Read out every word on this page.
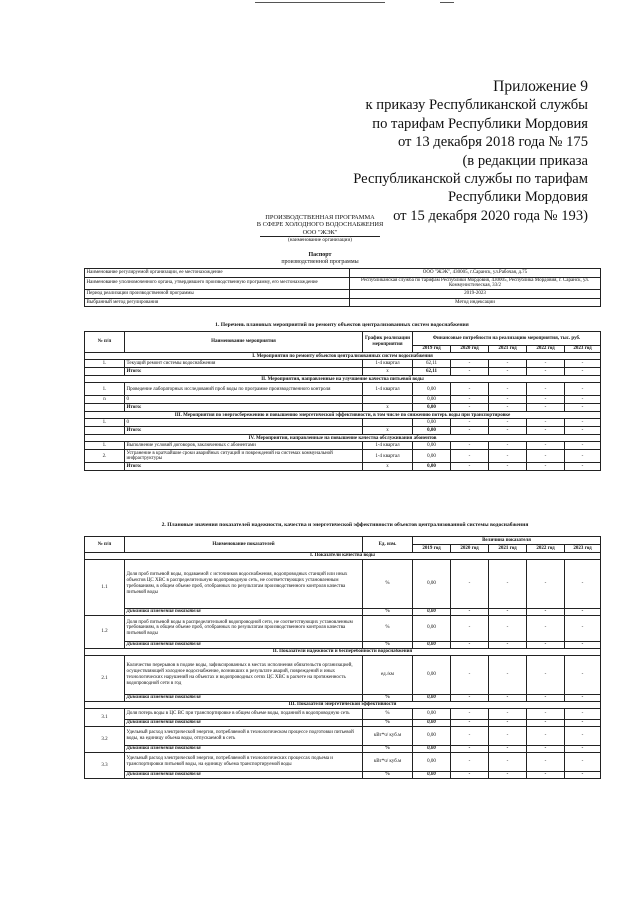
Приложение 9
к приказу Республиканской службы
по тарифам Республики Мордовия
от 13 декабря 2018 года № 175
(в редакции приказа
Республиканской службы по тарифам
Республики Мордовия
от 15 декабря 2020 года № 193)
ПРОИЗВОДСТВЕННАЯ ПРОГРАММА
В СФЕРЕ ХОЛОДНОГО ВОДОСНАБЖЕНИЯ
ООО "ЖЭК"
(наименование организации)
Паспорт
производственной программы
Наименование регулируемой организации, ее местонахождение	ООО "ЖЭК", 430005, г.Саранск, ул.Рабочая, д.75
Наименование уполномоченного органа, утвердившего производственную программу, его местонахождение	Республиканская служба по тарифам Республики Мордовия, 430005, Республика Мордовия, г. Саранск, ул. Коммунистическая, 33/2
Период реализации производственной программы	2019-2023
Выбранный метод регулирования	Метод индексации
1. Перечень плановых мероприятий по ремонту объектов централизованных систем водоснабжения
№ п/п	Наименование мероприятия	График реализации мероприятия	Финансовые потребности на реализацию мероприятия, тыс. руб.				
			2019 год	2020 год	2021 год	2022 год	2023 год
I. Мероприятия по ремонту объектов централизованных систем водоснабжения							
1.	Текущий ремонт системы водоснабжения	1-4 квартал	62,11	-	-	-	-
	Итого:	х	62,11	-	-	-	-
II. Мероприятия, направленные на улучшение качества питьевой воды							
1.	Проведение лабораторных исследований проб воды по программе производственного контроля	1-4 квартал	0,00	-	-	-	-
n	0		0,00	-	-	-	-
	Итого:	х	0,00	-	-	-	-
III. Мероприятия по энергосбережению и повышению энергетической эффективности, в том числе по снижению потерь воды при транспортировке							
1.	0		0,00	-	-	-	-
	Итого:	х	0,00	-	-	-	-
IV. Мероприятия, направленные на повышение качества обслуживания абонентов							
1.	Выполнение условий договоров, заключенных с абонентами	1-4 квартал	0,00	-	-	-	-
2.	Устранение в кратчайшие сроки аварийных ситуаций и повреждений на системах коммунальной инфраструктуры	1-4 квартал	0,00	-	-	-	-
	Итого:	х	0,00	-	-	-	-
2. Плановые значения показателей надежности, качества и энергетической эффективности объектов централизованной системы водоснабжения
№ п/п	Наименование показателей	Ед. изм.	Величина показателя				
			2019 год	2020 год	2021 год	2022 год	2023 год
I. Показатели качества воды							
1.1	Доля проб питьевой воды, подаваемой с источников водоснабжения, водопроводных станций или иных объектов ЦС ХВС в распределительную водопроводную сеть, не соответствующих установленным требованиям, в общем объеме проб, отобранных по результатам производственного контроля качества питьевой воды	%	0,00	-	-	-	-
	Динамика изменения показателя	%	0,00	-	-	-	-
1.2	Доля проб питьевой воды в распределительной водопроводной сети, не соответствующих установленным требованиям, в общем объеме проб, отобранных по результатам производственного контроля качества питьевой воды	%	0,00	-	-	-	-
	Динамика изменения показателя	%	0,00	-	-	-	-
II. Показатели надежности и бесперебойности водоснабжения							
2.1	Количество перерывов в подаче воды, зафиксированных в местах исполнения обязательств организацией, осуществляющей холодное водоснабжение, возникших в результате аварий, повреждений и иных технологических нарушений на объектах и водопроводных сетях ЦС ХВС в расчете на протяженность водопроводной сети в год	ед./км	0,00	-	-	-	-
	Динамика изменения показателя	%	0,00	-	-	-	-
III. Показатели энергетической эффективности							
3.1	Доля потерь воды в ЦС ВС при транспортировке в общем объеме воды, поданной в водопроводную сеть	%	0,00	-	-	-	-
	Динамика изменения показателя	%	0,00	-	-	-	-
3.2	Удельный расход электрической энергии, потребляемой в технологическом процессе подготовки питьевой воды, на единицу объема воды, отпускаемой в сеть	кВт*ч/ куб.м	0,00	-	-	-	-
	Динамика изменения показателя	%	0,00	-	-	-	-
3.3	Удельный расход электрической энергии, потребляемой в технологических процессах подъема и транспортировки питьевой воды, на единицу объема транспортируемой воды	кВт*ч/ куб.м	0,00	-	-	-	-
	Динамика изменения показателя	%	0,00	-	-	-	-
